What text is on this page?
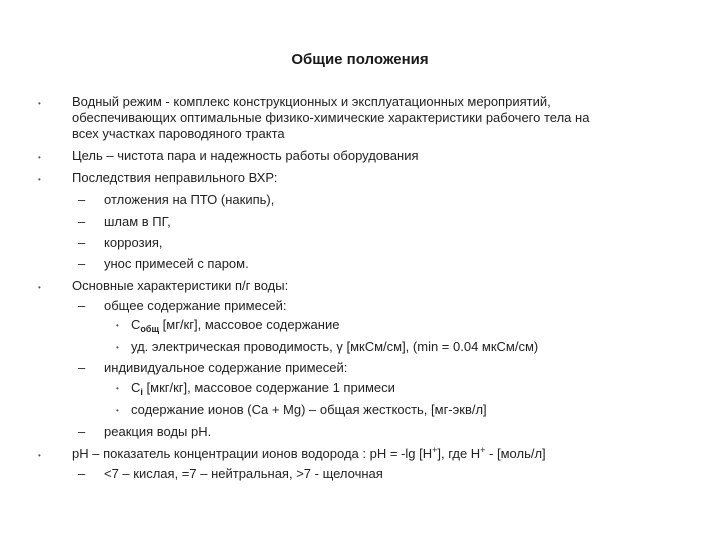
Общие положения
• Водный режим - комплекс конструкционных и эксплуатационных мероприятий,
обеспечивающих оптимальные физико-химические характеристики рабочего тела на
всех участках пароводяного тракта
• Цель – чистота пара и надежность работы оборудования
• Последствия неправильного ВХР:
– отложения на ПТО (накипь),
– шлам в ПГ,
– коррозия,
– унос примесей с паром.
• Основные характеристики п/г воды:
– общее содержание примесей:
• $C_{общ}$ [мг/кг], массовое содержание
• уд. электрическая проводимость, γ [мкСм/см], (min = 0.04 мкСм/см)
– индивидуальное содержание примесей:
• $C_i$ [мкг/кг], массовое содержание 1 примеси
• содержание ионов (Ca + Mg) – общая жесткость, [мг-экв/л]
– реакция воды pH.
• pH – показатель концентрации ионов водорода : pH = -lg [H+], где H+ - [моль/л]
– <7 – кислая, =7 – нейтральная, >7 - щелочная
